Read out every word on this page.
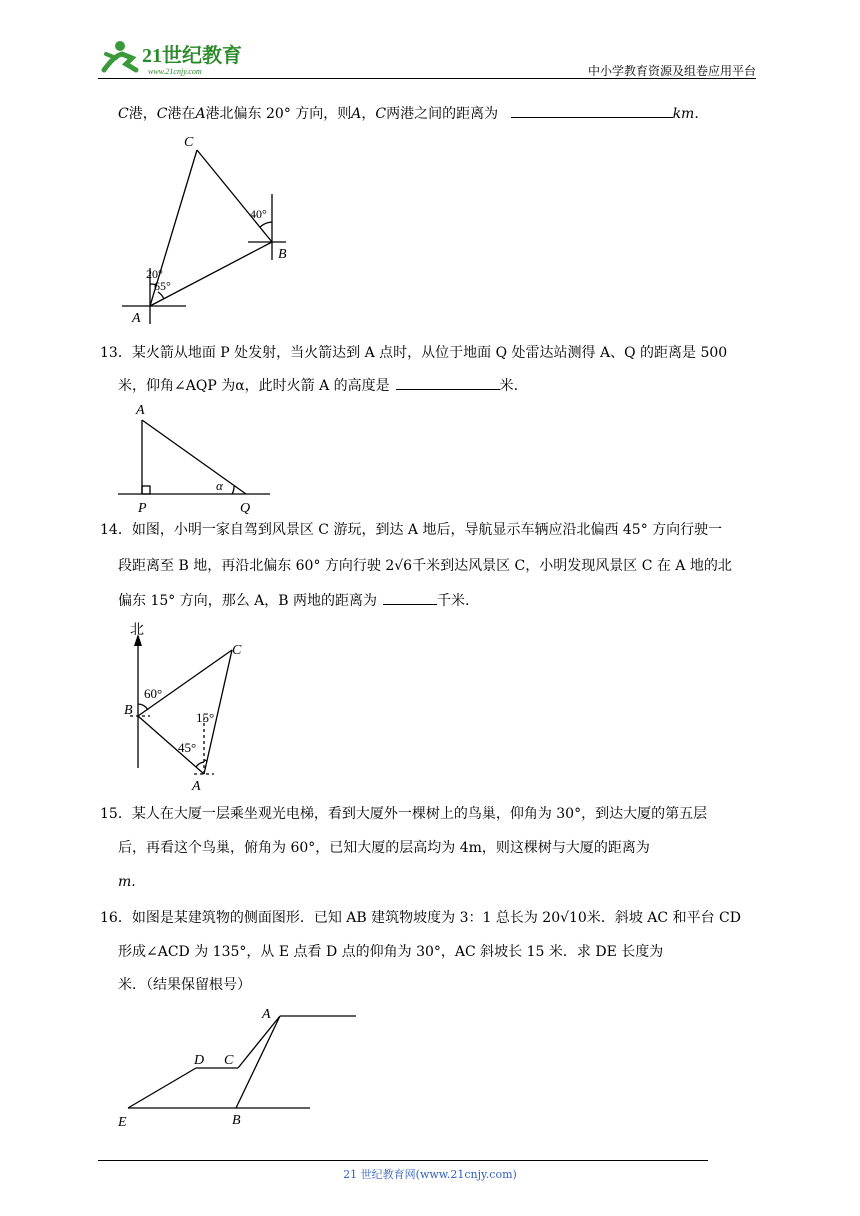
21世纪教育
www.21cnjy.com	中小学教育资源及组卷应用平台
C港，C港在A港北偏东 20° 方向，则A，C两港之间的距离为	km.
C
B
A
40°
20°
65°
13．某火箭从地面 P 处发射，当火箭达到 A 点时，从位于地面 Q 处雷达站测得 A、Q 的距离是 500
米，仰角∠AQP 为α，此时火箭 A 的高度是	米.
A
P	Q
α
14．如图，小明一家自驾到风景区 C 游玩，到达 A 地后，导航显示车辆应沿北偏西 45° 方向行驶一
段距离至 B 地，再沿北偏东 60° 方向行驶 2√6千米到达风景区 C，小明发现风景区 C 在 A 地的北
偏东 15° 方向，那么 A，B 两地的距离为	千米.
北
C
B
A
60°
15°
45°
15．某人在大厦一层乘坐观光电梯，看到大厦外一棵树上的鸟巢，仰角为 30°，到达大厦的第五层
后，再看这个鸟巢，俯角为 60°，已知大厦的层高均为 4m，则这棵树与大厦的距离为
m.
16．如图是某建筑物的侧面图形．已知 AB 建筑物坡度为 3：1 总长为 20√10米．斜坡 AC 和平台 CD
形成∠ACD 为 135°，从 E 点看 D 点的仰角为 30°，AC 斜坡长 15 米．求 DE 长度为
米．（结果保留根号）
A
D C
E	B
21 世纪教育网(www.21cnjy.com)
